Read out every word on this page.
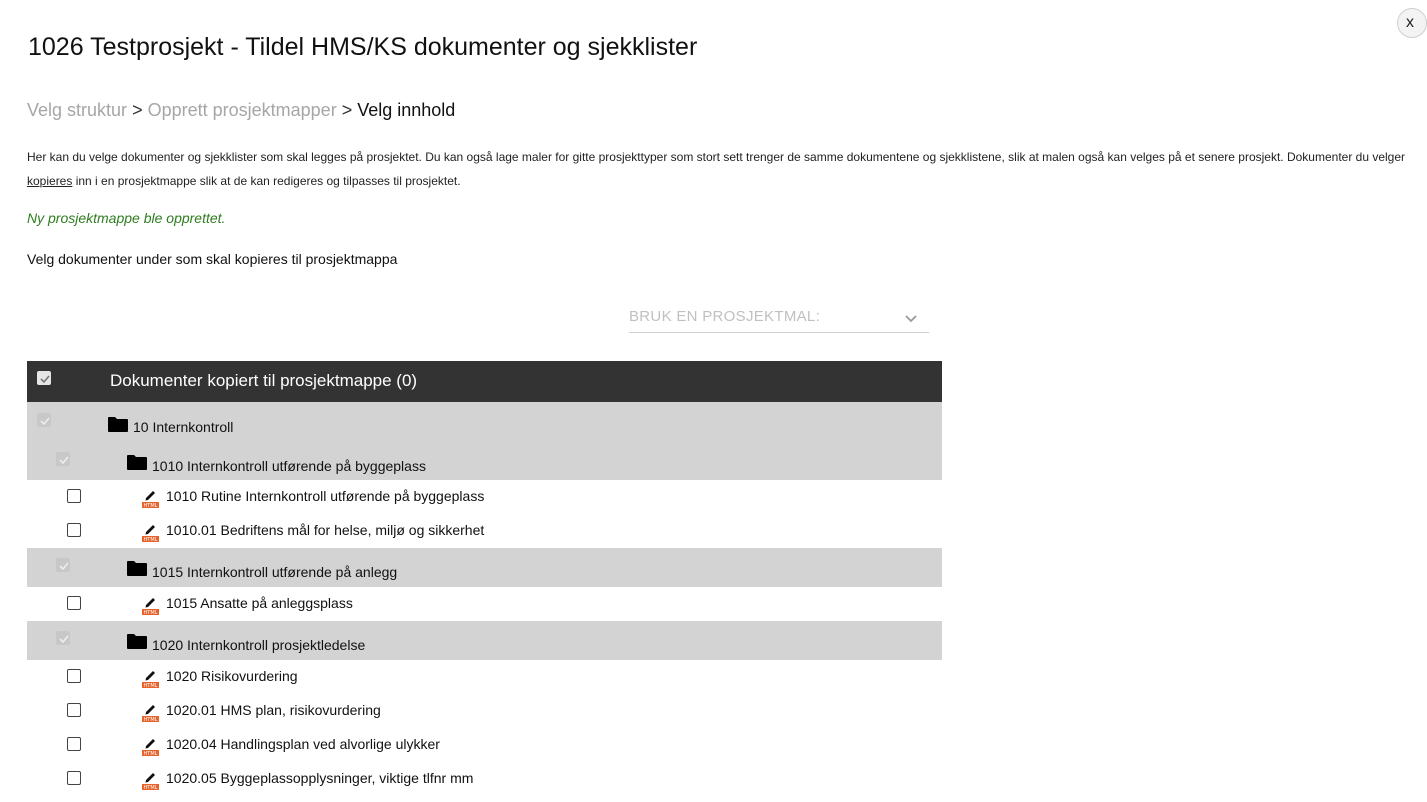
x
1026 Testprosjekt - Tildel HMS/KS dokumenter og sjekklister
Velg struktur > Opprett prosjektmapper > Velg innhold
Her kan du velge dokumenter og sjekklister som skal legges på prosjektet. Du kan også lage maler for gitte prosjekttyper som stort sett trenger de samme dokumentene og sjekklistene, slik at malen også kan velges på et senere prosjekt. Dokumenter du velger kopieres inn i en prosjektmappe slik at de kan redigeres og tilpasses til prosjektet.
Ny prosjektmappe ble opprettet.
Velg dokumenter under som skal kopieres til prosjektmappa
BRUK EN PROSJEKTMAL:
Dokumenter kopiert til prosjektmappe (0)
10 Internkontroll
1010 Internkontroll utførende på byggeplass
HTML
1010 Rutine Internkontroll utførende på byggeplass
HTML
1010.01 Bedriftens mål for helse, miljø og sikkerhet
1015 Internkontroll utførende på anlegg
HTML
1015 Ansatte på anleggsplass
1020 Internkontroll prosjektledelse
HTML
1020 Risikovurdering
HTML
1020.01 HMS plan, risikovurdering
HTML
1020.04 Handlingsplan ved alvorlige ulykker
HTML
1020.05 Byggeplassopplysninger, viktige tlfnr mm
